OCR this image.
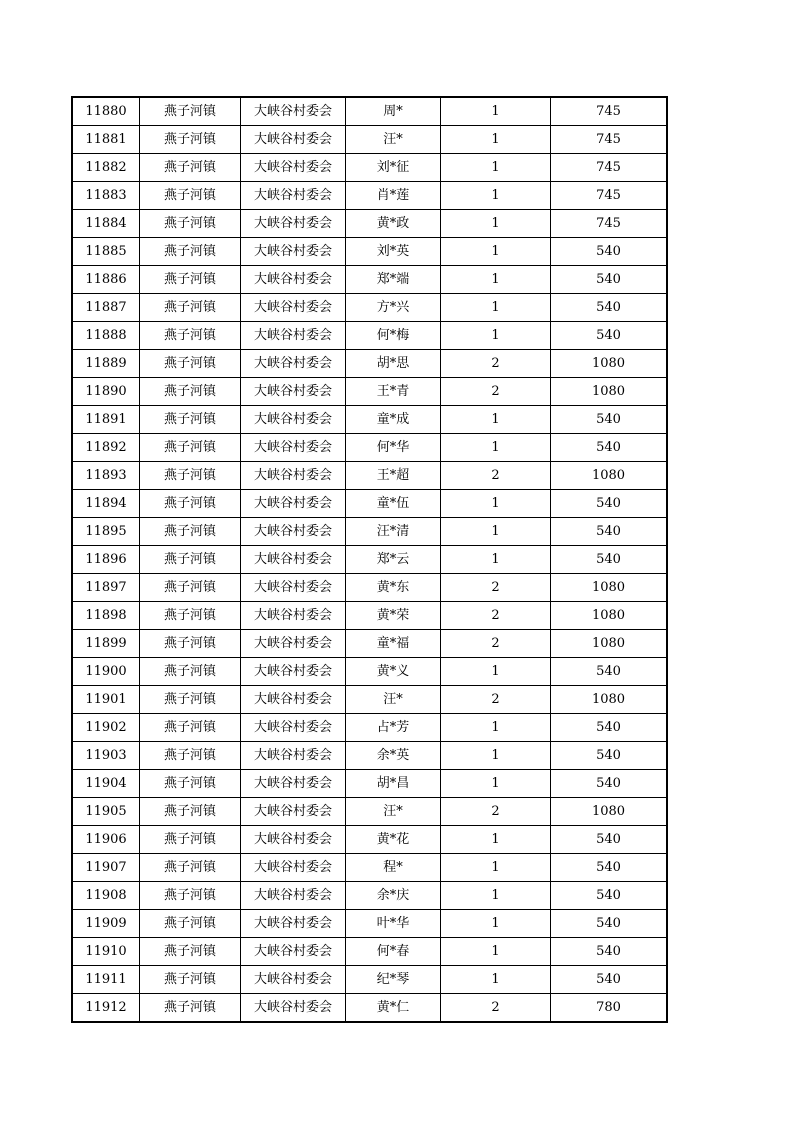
11880	燕子河镇	大峡谷村委会	周*	1	745
11881	燕子河镇	大峡谷村委会	汪*	1	745
11882	燕子河镇	大峡谷村委会	刘*征	1	745
11883	燕子河镇	大峡谷村委会	肖*莲	1	745
11884	燕子河镇	大峡谷村委会	黄*政	1	745
11885	燕子河镇	大峡谷村委会	刘*英	1	540
11886	燕子河镇	大峡谷村委会	郑*端	1	540
11887	燕子河镇	大峡谷村委会	方*兴	1	540
11888	燕子河镇	大峡谷村委会	何*梅	1	540
11889	燕子河镇	大峡谷村委会	胡*思	2	1080
11890	燕子河镇	大峡谷村委会	王*青	2	1080
11891	燕子河镇	大峡谷村委会	童*成	1	540
11892	燕子河镇	大峡谷村委会	何*华	1	540
11893	燕子河镇	大峡谷村委会	王*超	2	1080
11894	燕子河镇	大峡谷村委会	童*伍	1	540
11895	燕子河镇	大峡谷村委会	汪*清	1	540
11896	燕子河镇	大峡谷村委会	郑*云	1	540
11897	燕子河镇	大峡谷村委会	黄*东	2	1080
11898	燕子河镇	大峡谷村委会	黄*荣	2	1080
11899	燕子河镇	大峡谷村委会	童*福	2	1080
11900	燕子河镇	大峡谷村委会	黄*义	1	540
11901	燕子河镇	大峡谷村委会	汪*	2	1080
11902	燕子河镇	大峡谷村委会	占*芳	1	540
11903	燕子河镇	大峡谷村委会	余*英	1	540
11904	燕子河镇	大峡谷村委会	胡*昌	1	540
11905	燕子河镇	大峡谷村委会	汪*	2	1080
11906	燕子河镇	大峡谷村委会	黄*花	1	540
11907	燕子河镇	大峡谷村委会	程*	1	540
11908	燕子河镇	大峡谷村委会	余*庆	1	540
11909	燕子河镇	大峡谷村委会	叶*华	1	540
11910	燕子河镇	大峡谷村委会	何*春	1	540
11911	燕子河镇	大峡谷村委会	纪*琴	1	540
11912	燕子河镇	大峡谷村委会	黄*仁	2	780
